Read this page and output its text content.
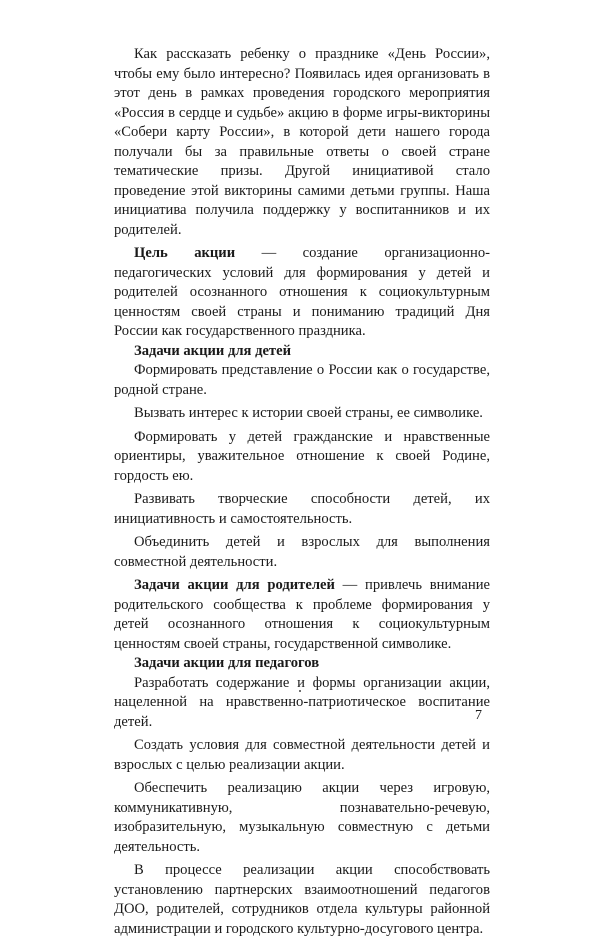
Как рассказать ребенку о празднике «День России», чтобы ему было интересно? Появилась идея организовать в этот день в рамках проведения городского мероприятия «Россия в сердце и судьбе» акцию в форме игры-викторины «Собери карту России», в которой дети нашего города получали бы за правильные ответы о своей стране тематические призы. Другой инициативой стало проведение этой викторины самими детьми группы. Наша инициатива получила поддержку у воспитанников и их родителей.

Цель акции — создание организационно-педагогических условий для формирования у детей и родителей осознанного отношения к социокультурным ценностям своей страны и пониманию традиций Дня России как государственного праздника.

Задачи акции для детей

Формировать представление о России как о государстве, родной стране.

Вызвать интерес к истории своей страны, ее символике.

Формировать у детей гражданские и нравственные ориентиры, уважительное отношение к своей Родине, гордость ею.

Развивать творческие способности детей, их инициативность и самостоятельность.

Объединить детей и взрослых для выполнения совместной деятельности.

Задачи акции для родителей — привлечь внимание родительского сообщества к проблеме формирования у детей осознанного отношения к социокультурным ценностям своей страны, государственной символике.

Задачи акции для педагогов

Разработать содержание и формы организации акции, нацеленной на нравственно-патриотическое воспитание детей.

Создать условия для совместной деятельности детей и взрослых с целью реализации акции.

Обеспечить реализацию акции через игровую, коммуникативную, познавательно-речевую, изобразительную, музыкальную совместную с детьми деятельность.

В процессе реализации акции способствовать установлению партнерских взаимоотношений педагогов ДОО, родителей, сотрудников отдела культуры районной администрации и городского культурно-досугового центра.

7
